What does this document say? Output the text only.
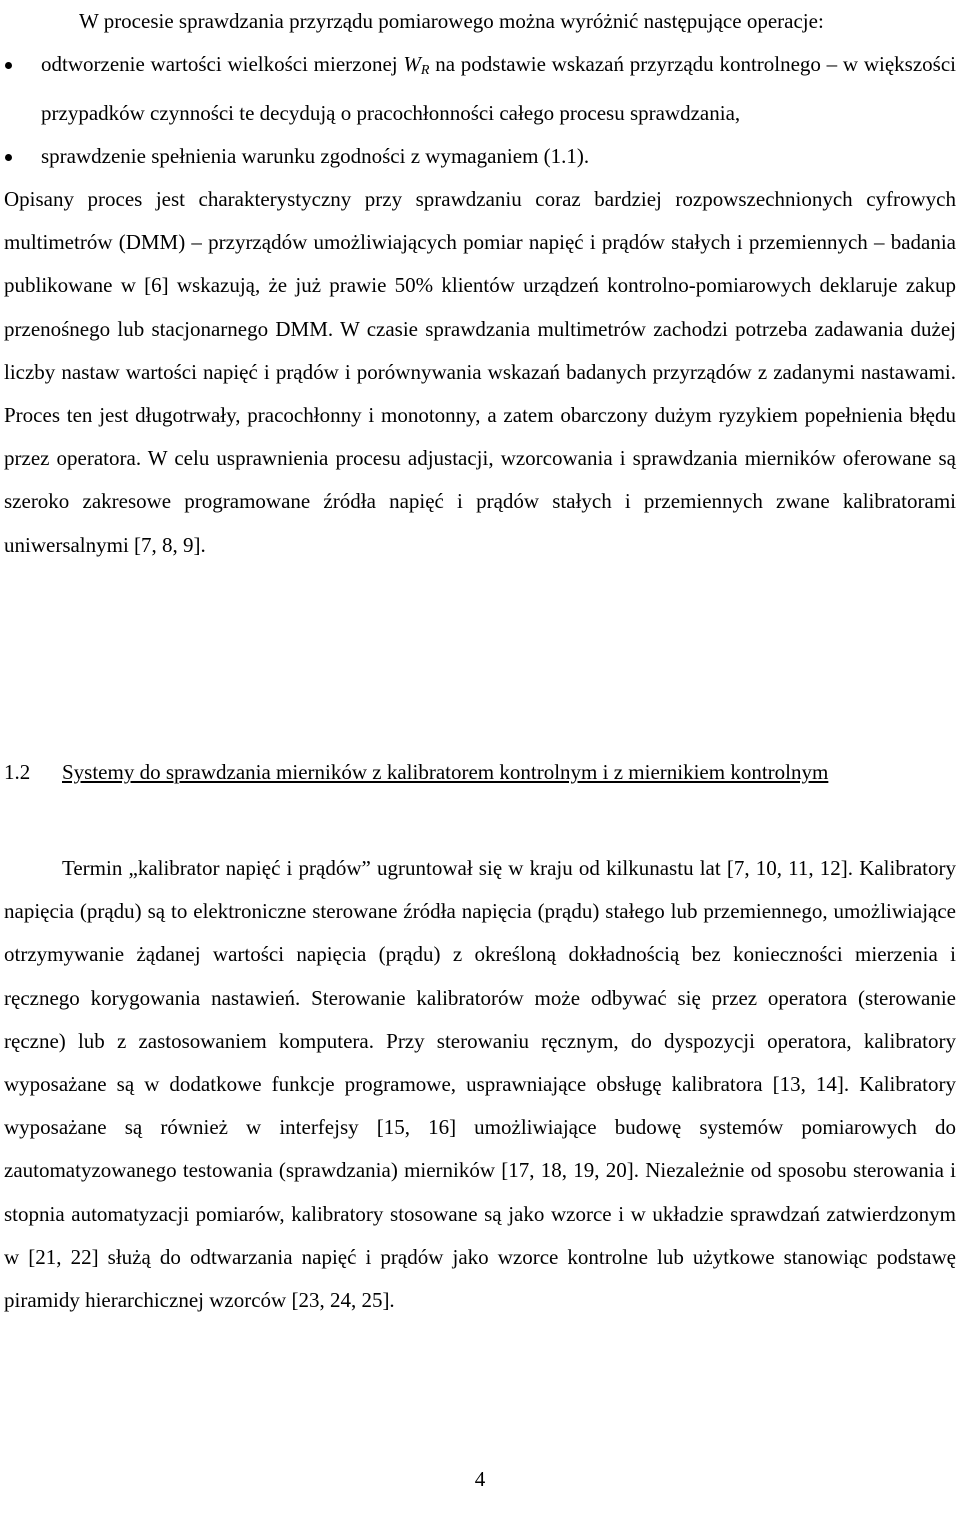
W procesie sprawdzania przyrządu pomiarowego można wyróżnić następujące operacje:

odtworzenie wartości wielkości mierzonej $W_R$ na podstawie wskazań przyrządu kontrolnego – w większości przypadków czynności te decydują o pracochłonności całego procesu sprawdzania,
sprawdzenie spełnienia warunku zgodności z wymaganiem (1.1).

Opisany proces jest charakterystyczny przy sprawdzaniu coraz bardziej rozpowszechnionych cyfrowych multimetrów (DMM) – przyrządów umożliwiających pomiar napięć i prądów stałych i przemiennych – badania publikowane w [6] wskazują, że już prawie 50% klientów urządzeń kontrolno-pomiarowych deklaruje zakup przenośnego lub stacjonarnego DMM. W czasie sprawdzania multimetrów zachodzi potrzeba zadawania dużej liczby nastaw wartości napięć i prądów i porównywania wskazań badanych przyrządów z zadanymi nastawami. Proces ten jest długotrwały, pracochłonny i monotonny, a zatem obarczony dużym ryzykiem popełnienia błędu przez operatora. W celu usprawnienia procesu adjustacji, wzorcowania i sprawdzania mierników oferowane są szeroko zakresowe programowane źródła napięć i prądów stałych i przemiennych zwane kalibratorami uniwersalnymi [7, 8, 9].

1.2 Systemy do sprawdzania mierników z kalibratorem kontrolnym i z miernikiem kontrolnym

Termin „kalibrator napięć i prądów” ugruntował się w kraju od kilkunastu lat [7, 10, 11, 12]. Kalibratory napięcia (prądu) są to elektroniczne sterowane źródła napięcia (prądu) stałego lub przemiennego, umożliwiające otrzymywanie żądanej wartości napięcia (prądu) z określoną dokładnością bez konieczności mierzenia i ręcznego korygowania nastawień. Sterowanie kalibratorów może odbywać się przez operatora (sterowanie ręczne) lub z zastosowaniem komputera. Przy sterowaniu ręcznym, do dyspozycji operatora, kalibratory wyposażane są w dodatkowe funkcje programowe, usprawniające obsługę kalibratora [13, 14]. Kalibratory wyposażane są również w interfejsy [15, 16] umożliwiające budowę systemów pomiarowych do zautomatyzowanego testowania (sprawdzania) mierników [17, 18, 19, 20]. Niezależnie od sposobu sterowania i stopnia automatyzacji pomiarów, kalibratory stosowane są jako wzorce i w układzie sprawdzań zatwierdzonym w [21, 22] służą do odtwarzania napięć i prądów jako wzorce kontrolne lub użytkowe stanowiąc podstawę piramidy hierarchicznej wzorców [23, 24, 25].

4
